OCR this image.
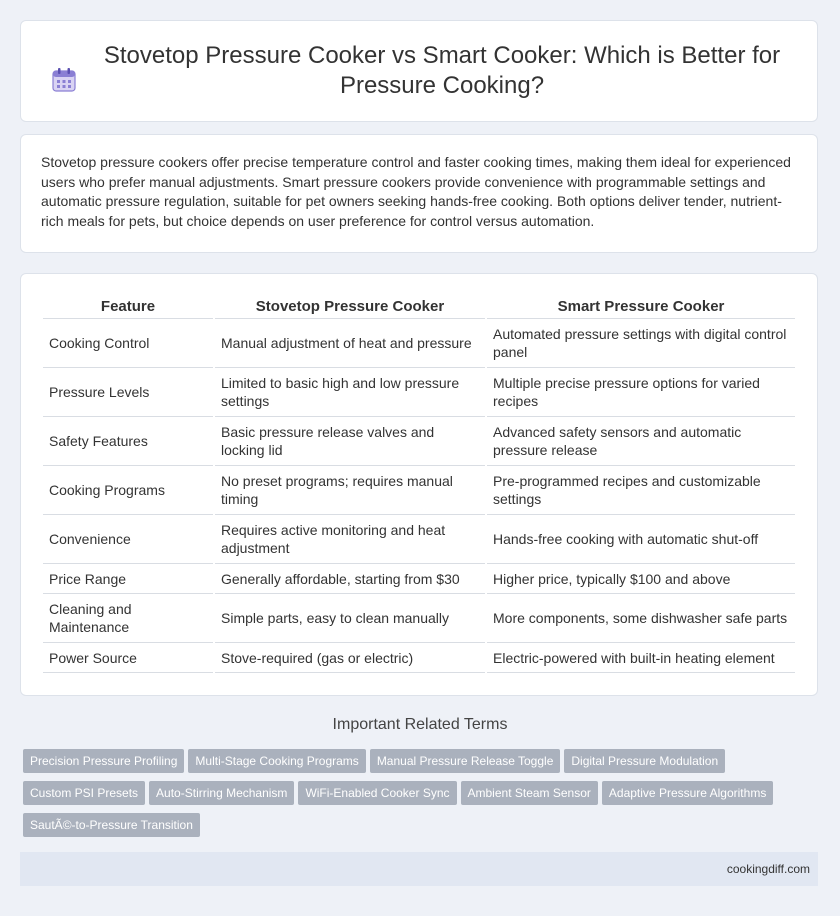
Stovetop Pressure Cooker vs Smart Cooker: Which is Better for Pressure Cooking?

Stovetop pressure cookers offer precise temperature control and faster cooking times, making them ideal for experienced users who prefer manual adjustments. Smart pressure cookers provide convenience with programmable settings and automatic pressure regulation, suitable for pet owners seeking hands-free cooking. Both options deliver tender, nutrient-rich meals for pets, but choice depends on user preference for control versus automation.

Feature	Stovetop Pressure Cooker	Smart Pressure Cooker
Cooking Control	Manual adjustment of heat and pressure	Automated pressure settings with digital control panel
Pressure Levels	Limited to basic high and low pressure settings	Multiple precise pressure options for varied recipes
Safety Features	Basic pressure release valves and locking lid	Advanced safety sensors and automatic pressure release
Cooking Programs	No preset programs; requires manual timing	Pre-programmed recipes and customizable settings
Convenience	Requires active monitoring and heat adjustment	Hands-free cooking with automatic shut-off
Price Range	Generally affordable, starting from $30	Higher price, typically $100 and above
Cleaning and Maintenance	Simple parts, easy to clean manually	More components, some dishwasher safe parts
Power Source	Stove-required (gas or electric)	Electric-powered with built-in heating element
Important Related Terms
Precision Pressure Profiling Multi-Stage Cooking Programs Manual Pressure Release Toggle Digital Pressure Modulation
Custom PSI Presets Auto-Stirring Mechanism WiFi-Enabled Cooker Sync Ambient Steam Sensor Adaptive Pressure Algorithms
SautÃ©-to-Pressure Transition
cookingdiff.com
